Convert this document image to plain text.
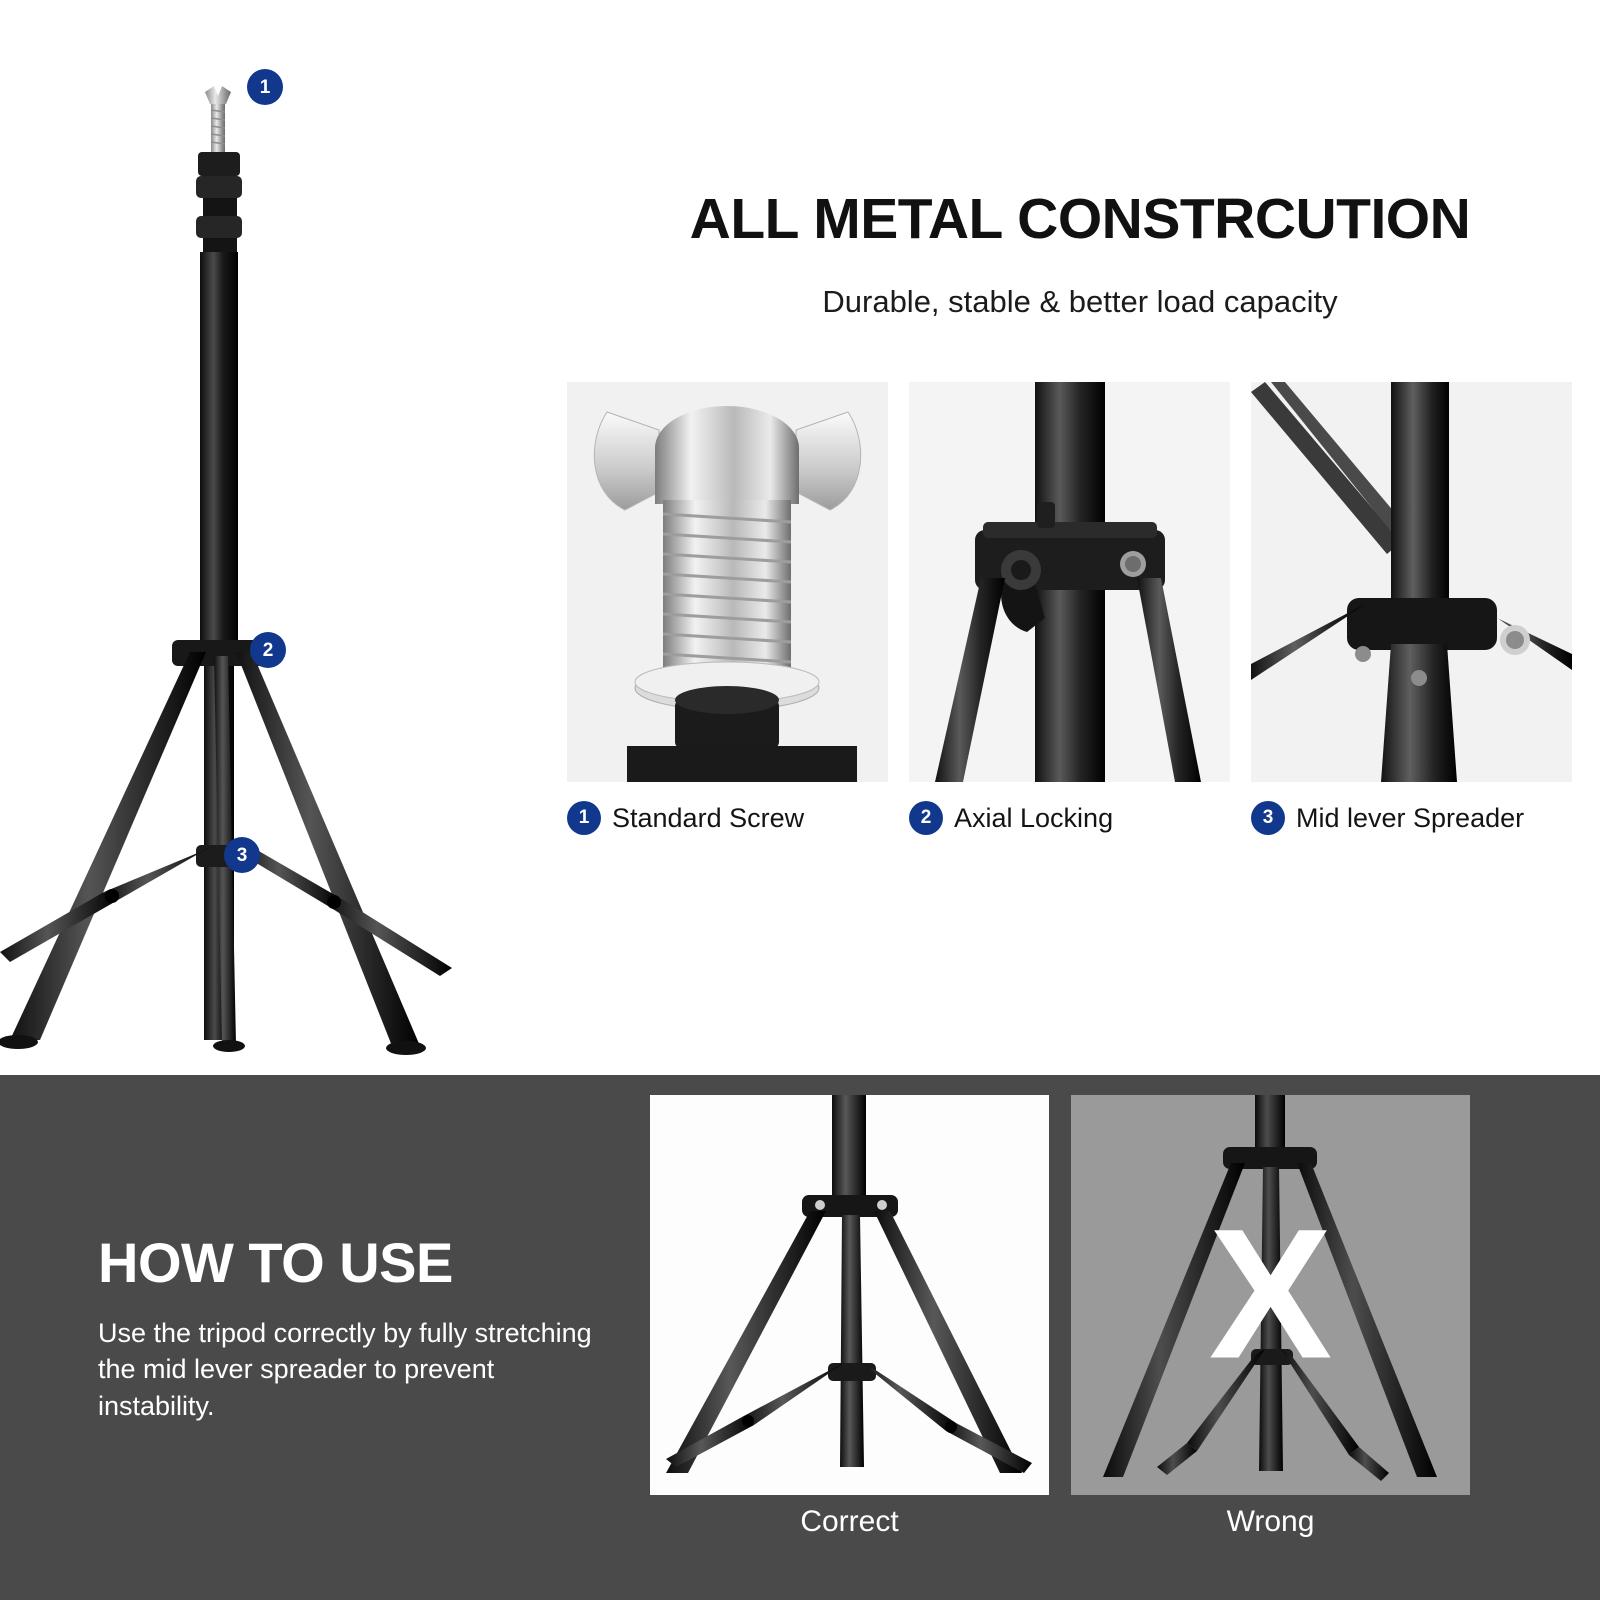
1
2
3
ALL METAL CONSTRCUTION
Durable, stable & better load capacity
1 Standard Screw	2 Axial Locking	3 Mid lever Spreader
HOW TO USE
Use the tripod correctly by fully stretching the mid lever spreader to prevent instability.
X
Correct	Wrong
